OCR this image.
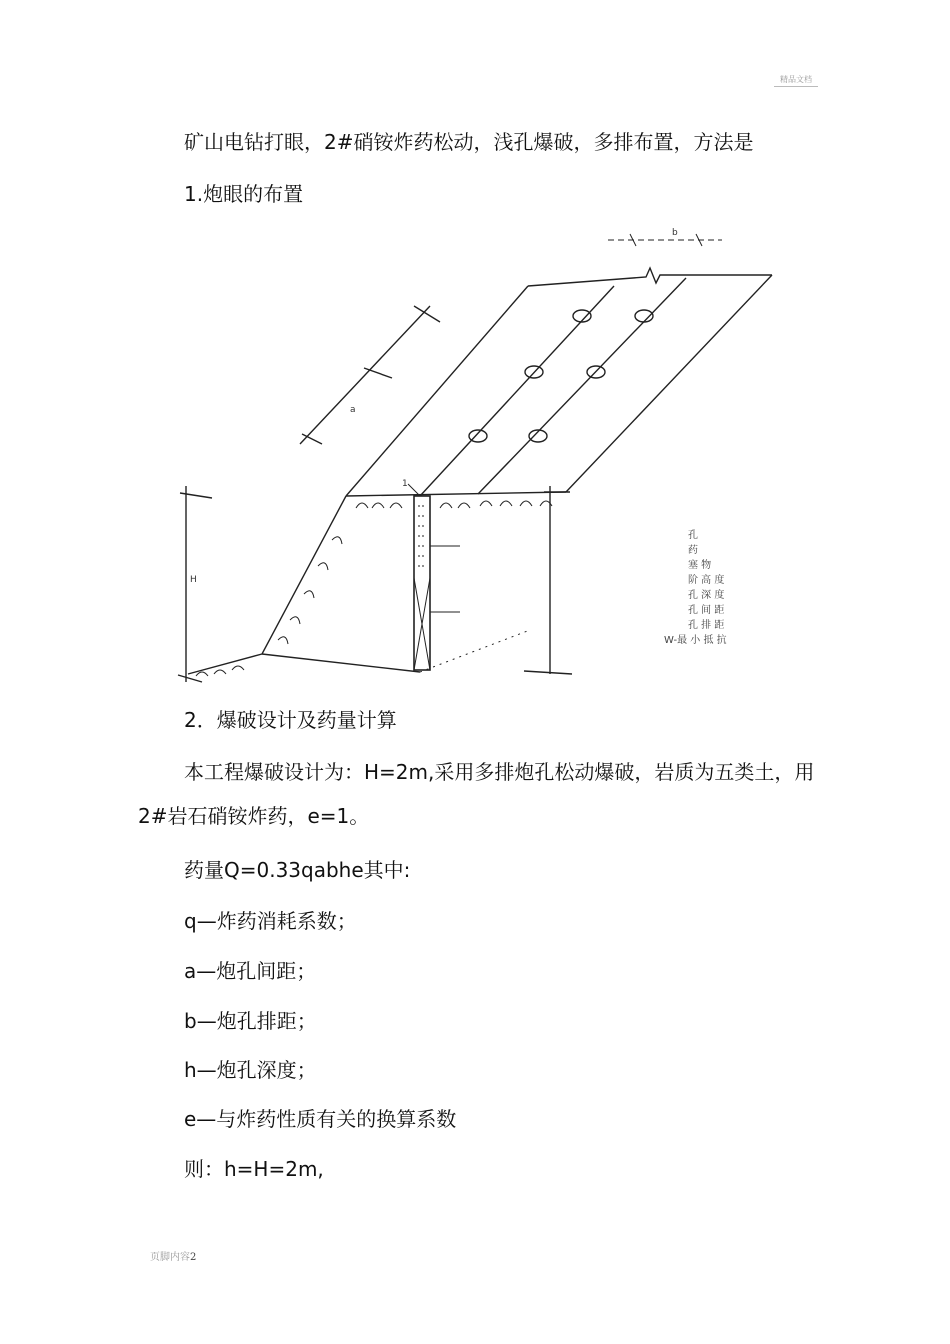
精品文档
矿山电钻打眼，2#硝铵炸药松动，浅孔爆破，多排布置，方法是
1.炮眼的布置
b
a
H
1
孔
药
塞 物
阶 高 度
孔 深 度
孔 间 距
孔 排 距
W-最 小 抵 抗
2．爆破设计及药量计算

本工程爆破设计为：H=2m,采用多排炮孔松动爆破，岩质为五类土，用2#岩石硝铵炸药，e=1。

药量Q=0.33qabhe其中:
q—炸药消耗系数；
a—炮孔间距；
b—炮孔排距；
h—炮孔深度；
e—与炸药性质有关的换算系数
则：h=H=2m,
页脚内容2
